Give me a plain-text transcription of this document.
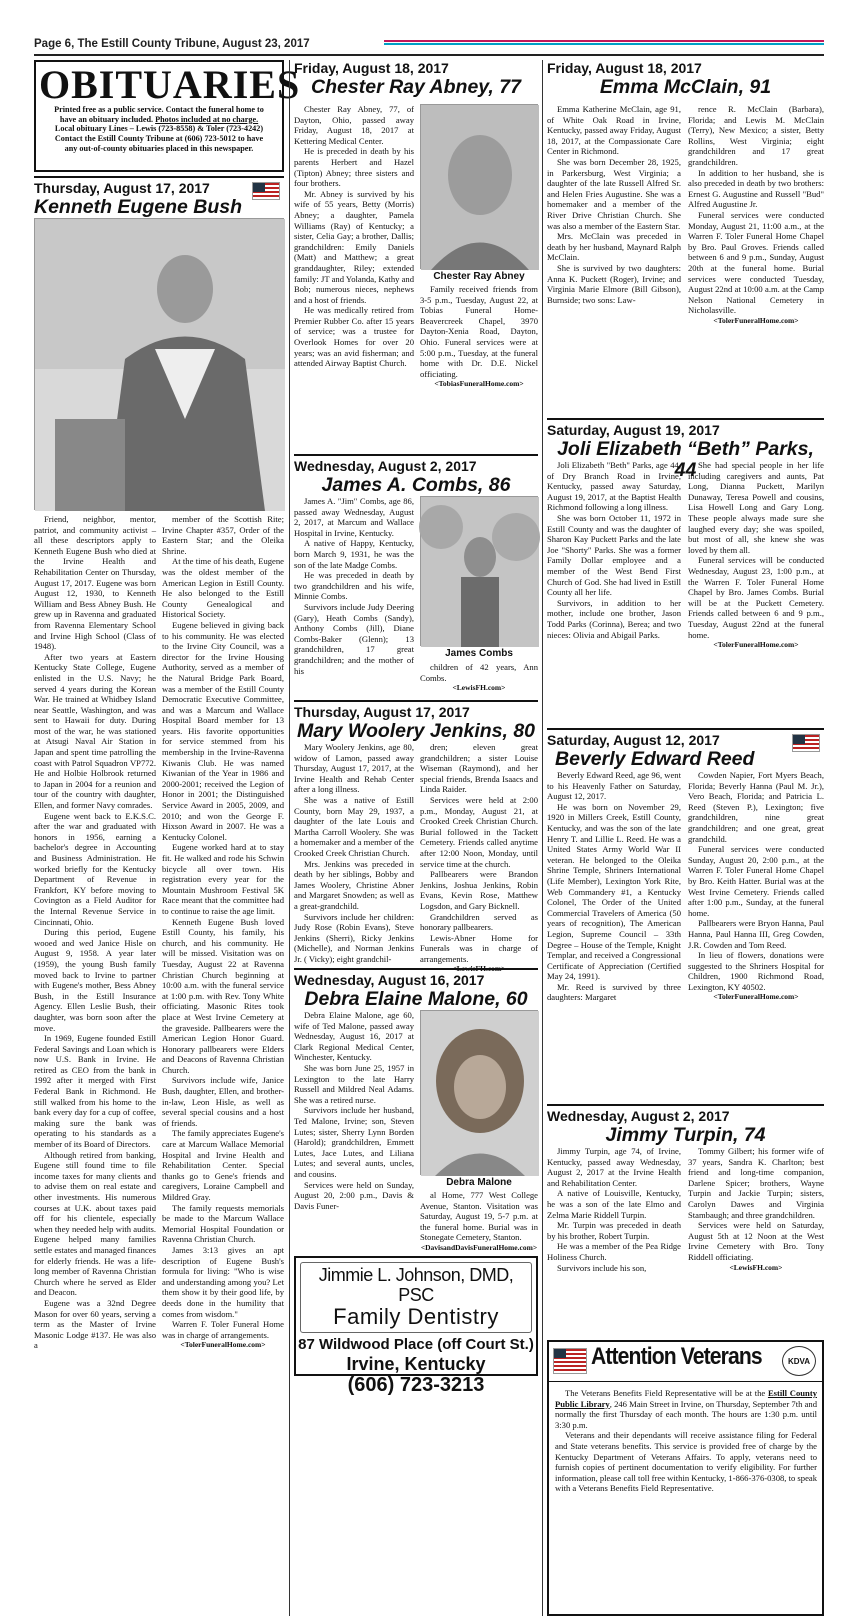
Page 6, The Estill County Tribune, August 23, 2017
OBITUARIES

Printed free as a public service. Contact the funeral home to
have an obituary included. Photos included at no charge.
Local obituary Lines – Lewis (723-8558) & Toler (723-4242)
Contact the Estill County Tribune at (606) 723-5012 to have
any out-of-county obituaries placed in this newspaper.

Thursday, August 17, 2017
Kenneth Eugene Bush

Friend, neighbor, mentor, patriot, and community activist – all these descriptors apply to Kenneth Eugene Bush who died at the Irvine Health and Rehabilitation Center on Thursday, August 17, 2017. Eugene was born August 12, 1930, to Kenneth William and Bess Abney Bush. He grew up in Ravenna and graduated from Ravenna Elementary School and Irvine High School (Class of 1948).

After two years at Eastern Kentucky State College, Eugene enlisted in the U.S. Navy; he served 4 years during the Korean War. He trained at Whidbey Island near Seattle, Washington, and was sent to Hawaii for duty. During most of the war, he was stationed at Atsugi Naval Air Station in Japan and spent time patrolling the coast with Patrol Squadron VP772. He and Holbie Holbrook returned to Japan in 2004 for a reunion and tour of the country with daughter, Ellen, and former Navy comrades.

Eugene went back to E.K.S.C. after the war and graduated with honors in 1956, earning a bachelor's degree in Accounting and Business Administration. He worked briefly for the Kentucky Department of Revenue in Frankfort, KY before moving to Covington as a Field Auditor for the Internal Revenue Service in Cincinnati, Ohio.

During this period, Eugene wooed and wed Janice Hisle on August 9, 1958. A year later (1959), the young Bush family moved back to Irvine to partner with Eugene's mother, Bess Abney Bush, in the Estill Insurance Agency. Ellen Leslie Bush, their daughter, was born soon after the move.

In 1969, Eugene founded Estill Federal Savings and Loan which is now U.S. Bank in Irvine. He retired as CEO from the bank in 1992 after it merged with First Federal Bank in Richmond. He still walked from his home to the bank every day for a cup of coffee, making sure the bank was operating to his standards as a member of its Board of Directors.

Although retired from banking, Eugene still found time to file income taxes for many clients and to advise them on real estate and other investments. His numerous courses at U.K. about taxes paid off for his clientele, especially when they needed help with audits. Eugene helped many families settle estates and managed finances for elderly friends. He was a life-long member of Ravenna Christian Church where he served as Elder and Deacon.

Eugene was a 32nd Degree Mason for over 60 years, serving a term as the Master of Irvine Masonic Lodge #137. He was also a

member of the Scottish Rite; Irvine Chapter #357, Order of the Eastern Star; and the Oleika Shrine.

At the time of his death, Eugene was the oldest member of the American Legion in Estill County. He also belonged to the Estill County Genealogical and Historical Society.

Eugene believed in giving back to his community. He was elected to the Irvine City Council, was a director for the Irvine Housing Authority, served as a member of the Natural Bridge Park Board, was a member of the Estill County Democratic Executive Committee, and was a Marcum and Wallace Hospital Board member for 13 years. His favorite opportunities for service stemmed from his membership in the Irvine-Ravenna Kiwanis Club. He was named Kiwanian of the Year in 1986 and 2000-2001; received the Legion of Honor in 2001; the Distinguished Service Award in 2005, 2009, and 2010; and won the George F. Hixson Award in 2007. He was a Kentucky Colonel.

Eugene worked hard at to stay fit. He walked and rode his Schwin bicycle all over town. His registration every year for the Mountain Mushroom Festival 5K Race meant that the committee had to continue to raise the age limit.

Kenneth Eugene Bush loved Estill County, his family, his church, and his community. He will be missed. Visitation was on Tuesday, August 22 at Ravenna Christian Church beginning at 10:00 a.m. with the funeral service at 1:00 p.m. with Rev. Tony White officiating. Masonic Rites took place at West Irvine Cemetery at the graveside. Pallbearers were the American Legion Honor Guard. Honorary pallbearers were Elders and Deacons of Ravenna Christian Church.

Survivors include wife, Janice Bush, daughter, Ellen, and brother-in-law, Leon Hisle, as well as several special cousins and a host of friends.

The family appreciates Eugene's care at Marcum Wallace Memorial Hospital and Irvine Health and Rehabilitation Center. Special thanks go to Gene's friends and caregivers, Loraine Campbell and Mildred Gray.

The family requests memorials be made to the Marcum Wallace Memorial Hospital Foundation or Ravenna Christian Church.

James 3:13 gives an apt description of Eugene Bush's formula for living: "Who is wise and understanding among you? Let them show it by their good life, by deeds done in the humility that comes from wisdom."

Warren F. Toler Funeral Home was in charge of arrangements.

<TolerFuneralHome.com>

Friday, August 18, 2017
Chester Ray Abney, 77

Chester Ray Abney, 77, of Dayton, Ohio, passed away Friday, August 18, 2017 at Kettering Medical Center.

He is preceded in death by his parents Herbert and Hazel (Tipton) Abney; three sisters and four brothers.

Mr. Abney is survived by his wife of 55 years, Betty (Morris) Abney; a daughter, Pamela Williams (Ray) of Kentucky; a sister, Celia Gay; a brother, Dallis; grandchildren: Emily Daniels (Matt) and Matthew; a great granddaughter, Riley; extended family: JT and Yolanda, Kathy and Bob; numerous nieces, nephews and a host of friends.

He was medically retired from Premier Rubber Co. after 15 years of service; was a trustee for Overlook Homes for over 20 years; was an avid fisherman; and attended Airway Baptist Church.

Chester Ray Abney

Family received friends from 3-5 p.m., Tuesday, August 22, at Tobias Funeral Home-Beavercreek Chapel, 3970 Dayton-Xenia Road, Dayton, Ohio. Funeral services were at 5:00 p.m., Tuesday, at the funeral home with Dr. D.E. Nickel officiating.

<TobiasFuneralHome.com>

Wednesday, August 2, 2017
James A. Combs, 86

James A. "Jim" Combs, age 86, passed away Wednesday, August 2, 2017, at Marcum and Wallace Hospital in Irvine, Kentucky.

A native of Happy, Kentucky, born March 9, 1931, he was the son of the late Madge Combs.

He was preceded in death by two grandchildren and his wife, Minnie Combs.

Survivors include Judy Deering (Gary), Heath Combs (Sandy), Anthony Combs (Jill), Diane Combs-Baker (Glenn); 13 grandchildren, 17 great grandchildren; and the mother of his

James Combs

children of 42 years, Ann Combs.

<LewisFH.com>

Thursday, August 17, 2017
Mary Woolery Jenkins, 80

Mary Woolery Jenkins, age 80, widow of Lamon, passed away Thursday, August 17, 2017, at the Irvine Health and Rehab Center after a long illness.

She was a native of Estill County, born May 29, 1937, a daughter of the late Louis and Martha Carroll Woolery. She was a homemaker and a member of the Crooked Creek Christian Church.

Mrs. Jenkins was preceded in death by her siblings, Bobby and James Woolery, Christine Abner and Margaret Snowden; as well as a great-grandchild.

Survivors include her children: Judy Rose (Robin Evans), Steve Jenkins (Sherri), Ricky Jenkins (Michelle), and Norman Jenkins Jr. ( Vicky); eight grandchil-

dren; eleven great grandchildren; a sister Louise Wiseman (Raymond), and her special friends, Brenda Isaacs and Linda Raider.

Services were held at 2:00 p.m., Monday, August 21, at Crooked Creek Christian Church. Burial followed in the Tackett Cemetery. Friends called anytime after 12:00 Noon, Monday, until service time at the church.

Pallbearers were Brandon Jenkins, Joshua Jenkins, Robin Evans, Kevin Rose, Matthew Logsdon, and Gary Bicknell.

Grandchildren served as honorary pallbearers.

Lewis-Abner Home for Funerals was in charge of arrangements.

<LewisFH.com>

Wednesday, August 16, 2017
Debra Elaine Malone, 60

Debra Elaine Malone, age 60, wife of Ted Malone, passed away Wednesday, August 16, 2017 at Clark Regional Medical Center, Winchester, Kentucky.

She was born June 25, 1957 in Lexington to the late Harry Russell and Mildred Neal Adams. She was a retired nurse.

Survivors include her husband, Ted Malone, Irvine; son, Steven Lutes; sister, Sherry Lynn Borden (Harold); grandchildren, Emmett Lutes, Jace Lutes, and Liliana Lutes; and several aunts, uncles, and cousins.

Services were held on Sunday, August 20, 2:00 p.m., Davis & Davis Funer-

Debra Malone

al Home, 777 West College Avenue, Stanton. Visitation was Saturday, August 19, 5-7 p.m. at the funeral home. Burial was in Stonegate Cemetery, Stanton.

<DavisandDavisFuneralHome.com>

Jimmie L. Johnson, DMD, PSC
Family Dentistry
87 Wildwood Place (off Court St.)
Irvine, Kentucky
(606) 723-3213
Friday, August 18, 2017
Emma McClain, 91

Emma Katherine McClain, age 91, of White Oak Road in Irvine, Kentucky, passed away Friday, August 18, 2017, at the Compassionate Care Center in Richmond.

She was born December 28, 1925, in Parkersburg, West Virginia; a daughter of the late Russell Alfred Sr. and Helen Fries Augustine. She was a homemaker and a member of the River Drive Christian Church. She was also a member of the Eastern Star.

Mrs. McClain was preceded in death by her husband, Maynard Ralph McClain.

She is survived by two daughters: Anna K. Puckett (Roger), Irvine; and Virginia Marie Elmore (Bill Gibson), Burnside; two sons: Law-

rence R. McClain (Barbara), Florida; and Lewis M. McClain (Terry), New Mexico; a sister, Betty Rollins, West Virginia; eight grandchildren and 17 great grandchildren.

In addition to her husband, she is also preceded in death by two brothers: Ernest G. Augustine and Russell "Bud" Alfred Augustine Jr.

Funeral services were conducted Monday, August 21, 11:00 a.m., at the Warren F. Toler Funeral Home Chapel by Bro. Paul Groves. Friends called between 6 and 9 p.m., Sunday, August 20th at the funeral home. Burial services were conducted Tuesday, August 22nd at 10:00 a.m. at the Camp Nelson National Cemetery in Nicholasville.

<TolerFuneralHome.com>

Saturday, August 19, 2017
Joli Elizabeth “Beth” Parks, 44

Joli Elizabeth "Beth" Parks, age 44, of Dry Branch Road in Irvine, Kentucky, passed away Saturday, August 19, 2017, at the Baptist Health Richmond following a long illness.

She was born October 11, 1972 in Estill County and was the daughter of Sharon Kay Puckett Parks and the late Joe "Shorty" Parks. She was a former Family Dollar employee and a member of the West Bend First Church of God. She had lived in Estill County all her life.

Survivors, in addition to her mother, include one brother, Jason Todd Parks (Corinna), Berea; and two nieces: Olivia and Abigail Parks.

She had special people in her life including caregivers and aunts, Pat Long, Dianna Puckett, Marilyn Dunaway, Teresa Powell and cousins, Lisa Howell Long and Gary Long. These people always made sure she laughed every day; she was spoiled, but most of all, she knew she was loved by them all.

Funeral services will be conducted Wednesday, August 23, 1:00 p.m., at the Warren F. Toler Funeral Home Chapel by Bro. James Combs. Burial will be at the Puckett Cemetery. Friends called between 6 and 9 p.m., Tuesday, August 22nd at the funeral home.

<TolerFuneralHome.com>

Saturday, August 12, 2017
Beverly Edward Reed

Beverly Edward Reed, age 96, went to his Heavenly Father on Saturday, August 12, 2017.

He was born on November 29, 1920 in Millers Creek, Estill County, Kentucky, and was the son of the late Henry T. and Lillie L. Reed. He was a United States Army World War II veteran. He belonged to the Oleika Shrine Temple, Shriners International (Life Member), Lexington York Rite, Web Commandery #1, a Kentucky Colonel, The Order of the United Commercial Travelers of America (50 years of recognition), The American Legion, Supreme Council – 33th Degree – House of the Temple, Knight Templar, and received a Congressional Certificate of Appreciation (Certified May 24, 1991).

Mr. Reed is survived by three daughters: Margaret

Cowden Napier, Fort Myers Beach, Florida; Beverly Hanna (Paul M. Jr.), Vero Beach, Florida; and Patricia L. Reed (Steven P.), Lexington; five grandchildren, nine great grandchildren; and one great, great grandchild.

Funeral services were conducted Sunday, August 20, 2:00 p.m., at the Warren F. Toler Funeral Home Chapel by Bro. Keith Hatter. Burial was at the West Irvine Cemetery. Friends called after 1:00 p.m., Sunday, at the funeral home.

Pallbearers were Bryon Hanna, Paul Hanna, Paul Hanna III, Greg Cowden, J.R. Cowden and Tom Reed.

In lieu of flowers, donations were suggested to the Shriners Hospital for Children, 1900 Richmond Road, Lexington, KY 40502.

<TolerFuneralHome.com>

Wednesday, August 2, 2017
Jimmy Turpin, 74

Jimmy Turpin, age 74, of Irvine, Kentucky, passed away Wednesday, August 2, 2017 at the Irvine Health and Rehabilitation Center.

A native of Louisville, Kentucky, he was a son of the late Elmo and Zelma Marie Riddell Turpin.

Mr. Turpin was preceded in death by his brother, Robert Turpin.

He was a member of the Pea Ridge Holiness Church.

Survivors include his son,

Tommy Gilbert; his former wife of 37 years, Sandra K. Charlton; best friend and long-time companion, Darlene Spicer; brothers, Wayne Turpin and Jackie Turpin; sisters, Carolyn Dawes and Virginia Stambaugh; and three grandchildren.

Services were held on Saturday, August 5th at 12 Noon at the West Irvine Cemetery with Bro. Tony Riddell officiating.

<LewisFH.com>

Attention Veterans	KDVA

The Veterans Benefits Field Representative will be at the Estill County Public Library, 246 Main Street in Irvine, on Thursday, September 7th and normally the first Thursday of each month. The hours are 1:30 p.m. until 3:30 p.m.

Veterans and their dependants will receive assistance filing for Federal and State veterans benefits. This service is provided free of charge by the Kentucky Department of Veterans Affairs. To apply, veterans need to furnish copies of pertinent documentation to verify eligibility. For further information, please call toll free within Kentucky, 1-866-376-0308, to speak with a Veterans Benefits Field Representative.
